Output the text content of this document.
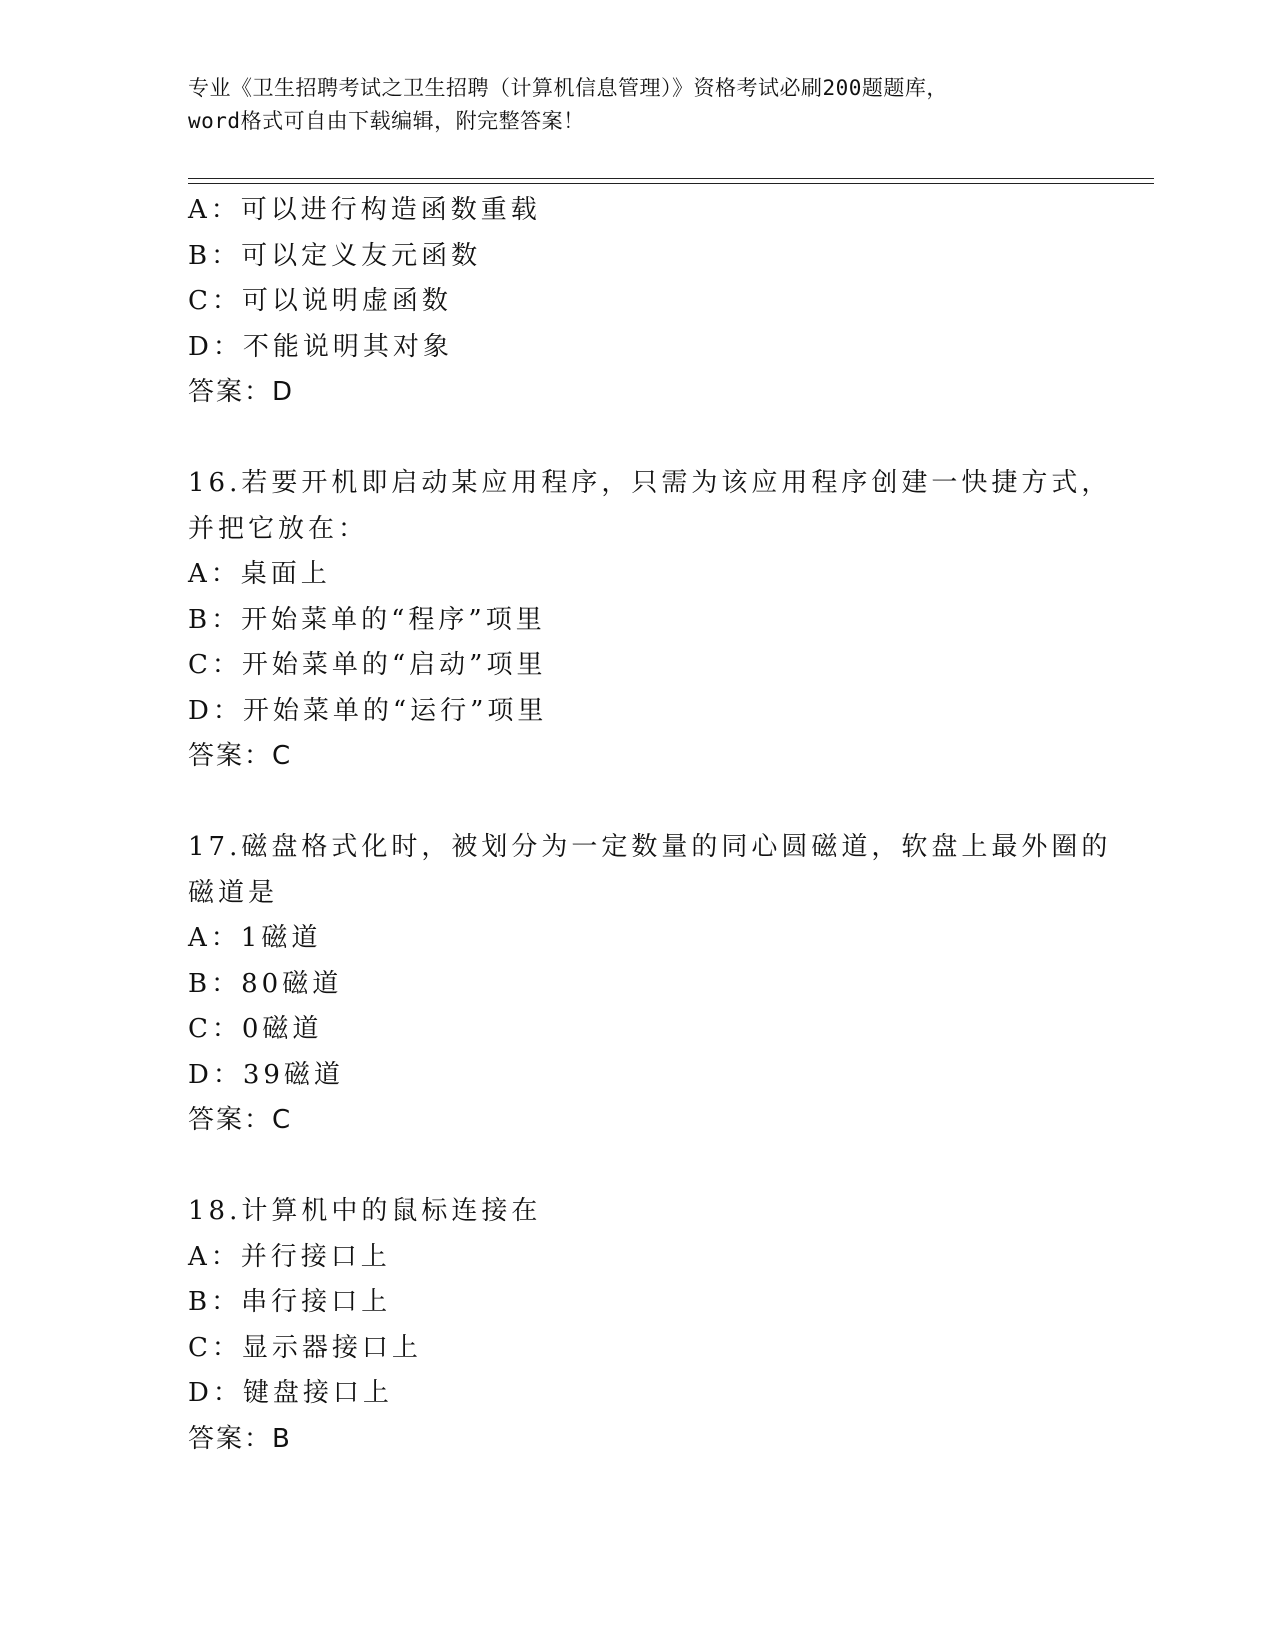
专业《卫生招聘考试之卫生招聘（计算机信息管理）》资格考试必刷200题题库，
word格式可自由下载编辑，附完整答案！
A：可以进行构造函数重载
B：可以定义友元函数
C：可以说明虚函数
D：不能说明其对象
答案：D
16.若要开机即启动某应用程序，只需为该应用程序创建一快捷方式，
并把它放在：
A：桌面上
B：开始菜单的“程序”项里
C：开始菜单的“启动”项里
D：开始菜单的“运行”项里
答案：C
17.磁盘格式化时，被划分为一定数量的同心圆磁道，软盘上最外圈的
磁道是
A：1磁道
B：80磁道
C：0磁道
D：39磁道
答案：C
18.计算机中的鼠标连接在
A：并行接口上
B：串行接口上
C：显示器接口上
D：键盘接口上
答案：B
